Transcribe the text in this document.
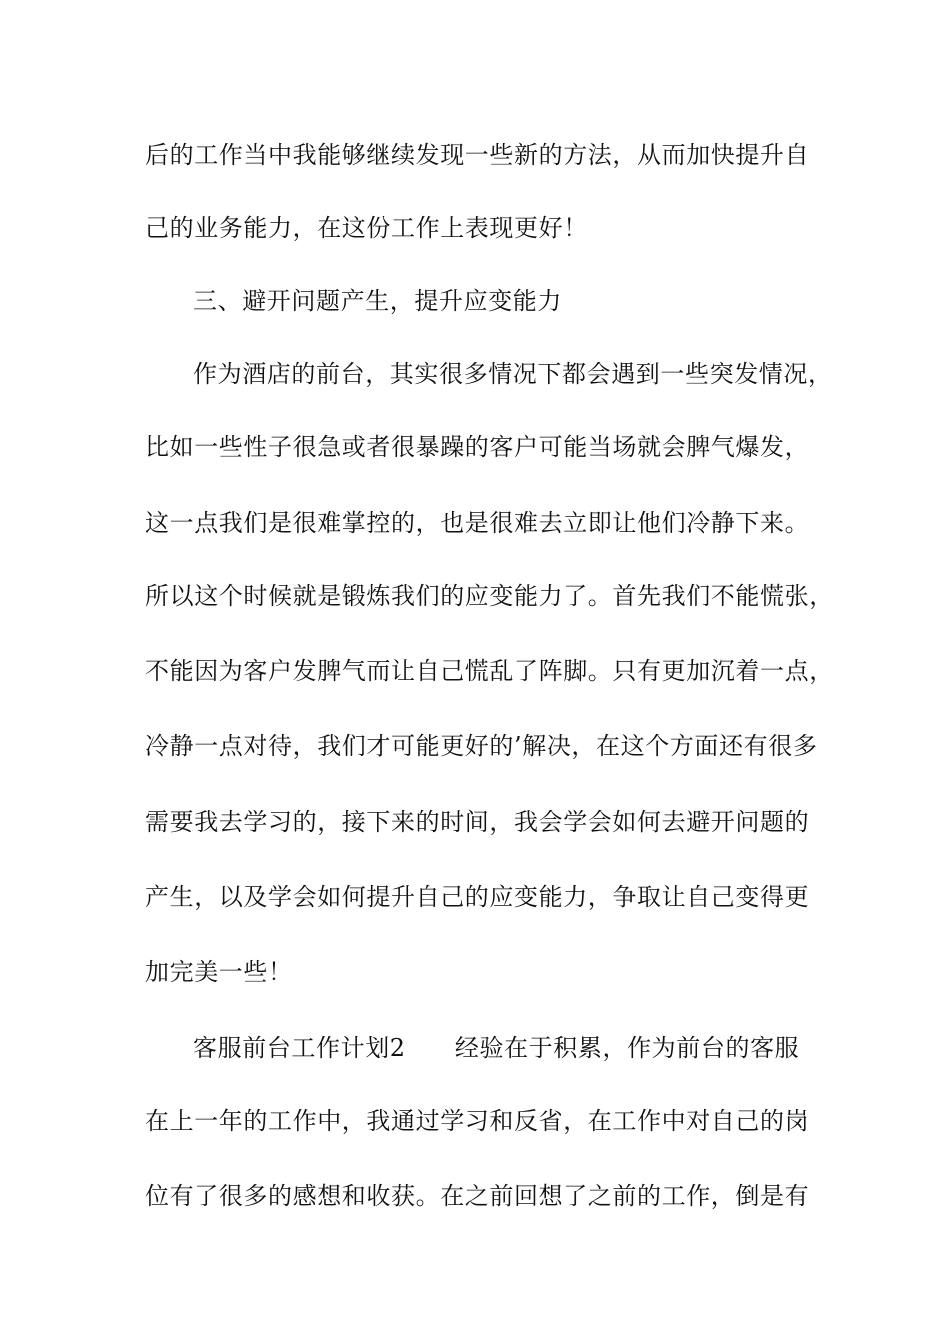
后的工作当中我能够继续发现一些新的方法，从而加快提升自
己的业务能力，在这份工作上表现更好！
三、避开问题产生，提升应变能力
作为酒店的前台，其实很多情况下都会遇到一些突发情况，
比如一些性子很急或者很暴躁的客户可能当场就会脾气爆发，
这一点我们是很难掌控的，也是很难去立即让他们冷静下来。
所以这个时候就是锻炼我们的应变能力了。首先我们不能慌张，
不能因为客户发脾气而让自己慌乱了阵脚。只有更加沉着一点，
冷静一点对待，我们才可能更好的’解决，在这个方面还有很多
需要我去学习的，接下来的时间，我会学会如何去避开问题的
产生，以及学会如何提升自己的应变能力，争取让自己变得更
加完美一些！
客服前台工作计划2　　经验在于积累，作为前台的客服
在上一年的工作中，我通过学习和反省，在工作中对自己的岗
位有了很多的感想和收获。在之前回想了之前的工作，倒是有
